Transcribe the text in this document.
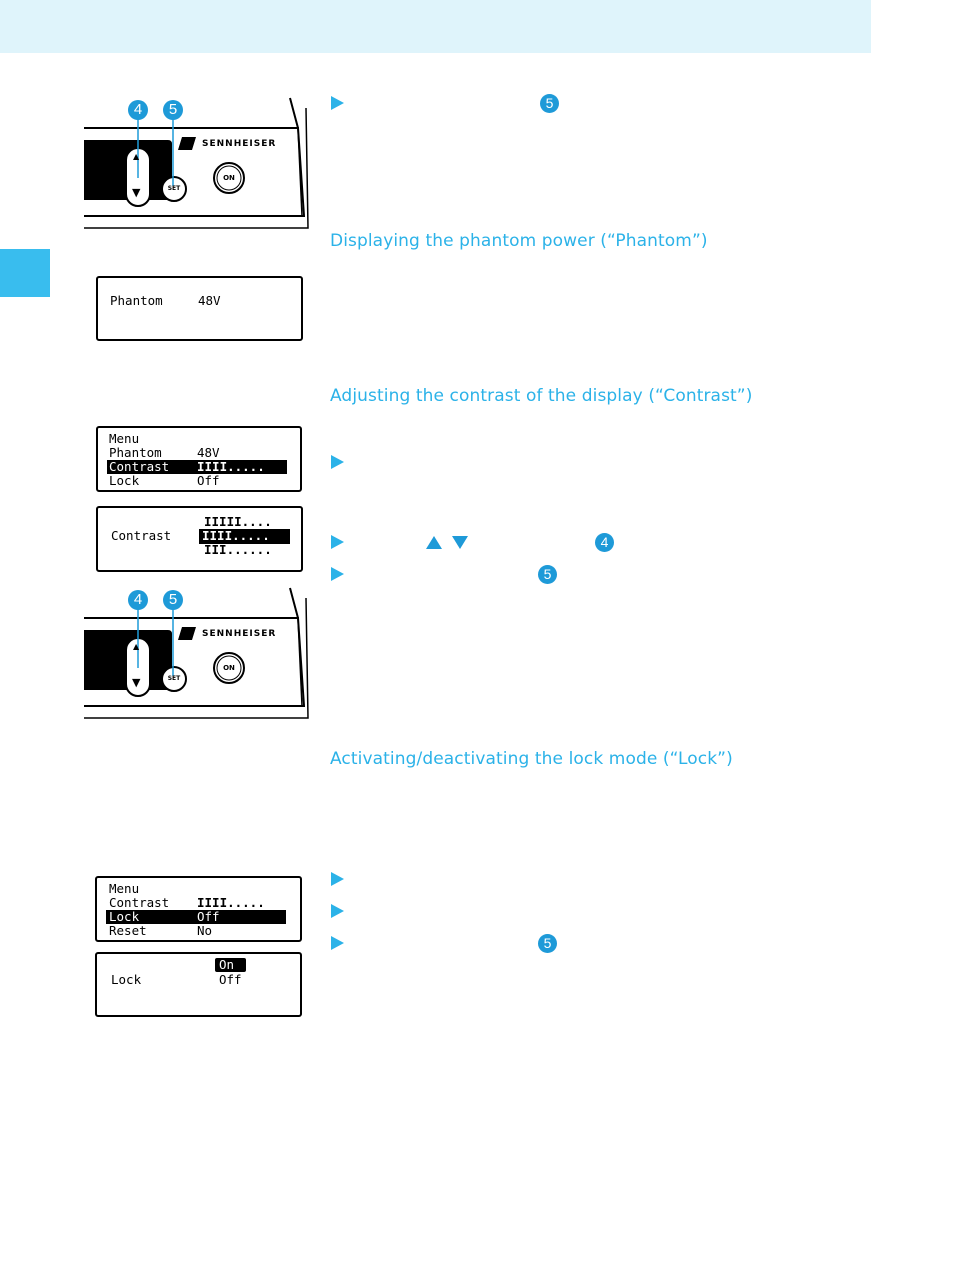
SENNHEISER
▲
▼	SET
ON
4	5	5
Displaying the phantom power (“Phantom”)
Phantom	48V
Adjusting the contrast of the display (“Contrast”)
Menu
Phantom	48V
Contrast IIII.....
Lock	Off
Contrast
IIIII....
IIII.....
III......	4
5
SENNHEISER
▲
▼	SET
ON
4	5
Activating/deactivating the lock mode (“Lock”)
Menu
Contrast IIII.....
Lock	Off
Reset	No
Lock
On
Off
5
